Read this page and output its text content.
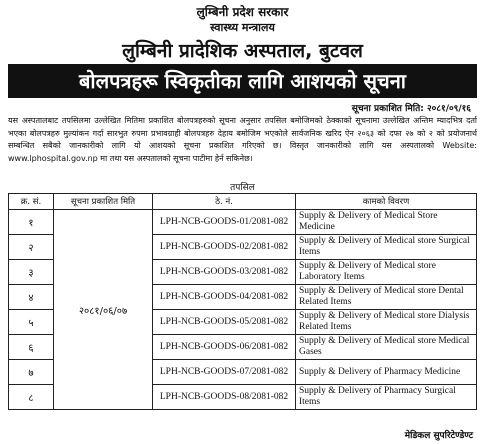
लुम्बिनी प्रदेश सरकार
स्वास्थ्य मन्त्रालय
लुम्बिनी प्रादेशिक अस्पताल, बुटवल
बोलपत्रहरू स्विकृतीका लागि आशयको सूचना
सूचना प्रकाशित मिति: २०८१/०९/१६
यस अस्पतालबाट तपसिलमा उल्लेखित मितिमा प्रकाशित बोलपत्रहरुको सूचना अनुसार तपसिल बमोजिमको ठेक्काको सूचनामा उल्लेखित अन्तिम म्यादभित्र दर्ता भएका बोलपत्रहरु मुल्यांकन गर्दा सारभुत रुपमा प्रभावग्राही बोलपत्रहरु देहाय बमोजिम भएकोले सार्वजनिक खरिद ऐन २०६३ को दफा २७ को २ को प्रयोजनार्थ सम्बन्धित सबैको जानकारीको लागि यो आशयको सूचना प्रकाशित गरिएको छ। विस्तृत जानकारीको लागि यस अस्पतालको Website: www.lphospital.gov.np मा तथा यस अस्पतालको सूचना पाटीमा हेर्न सकिनेछ।
तपसिल
क्र. सं.	सूचना प्रकाशित मिति	ठे. नं.	कामको विवरण
१	२०८१/०६/०७	LPH-NCB-GOODS-01/2081-082	Supply & Delivery of Medical Store Medicine
२		LPH-NCB-GOODS-02/2081-082	Supply & Delivery of Medical store Surgical Items
३		LPH-NCB-GOODS-03/2081-082	Supply & Delivery of Medical store Laboratory Items
४		LPH-NCB-GOODS-04/2081-082	Supply & Delivery of Medical store Dental Related Items
५		LPH-NCB-GOODS-05/2081-082	Supply & Delivery of Medical store Dialysis Related Items
६		LPH-NCB-GOODS-06/2081-082	Supply & Delivery of Medical store Medical Gases
७		LPH-NCB-GOODS-07/2081-082	Supply & Delivery of Pharmacy Medicine
८		LPH-NCB-GOODS-08/2081-082	Supply & Delivery of Pharmacy Surgical Items
मेडिकल सुपरिटेण्डेण्ट
